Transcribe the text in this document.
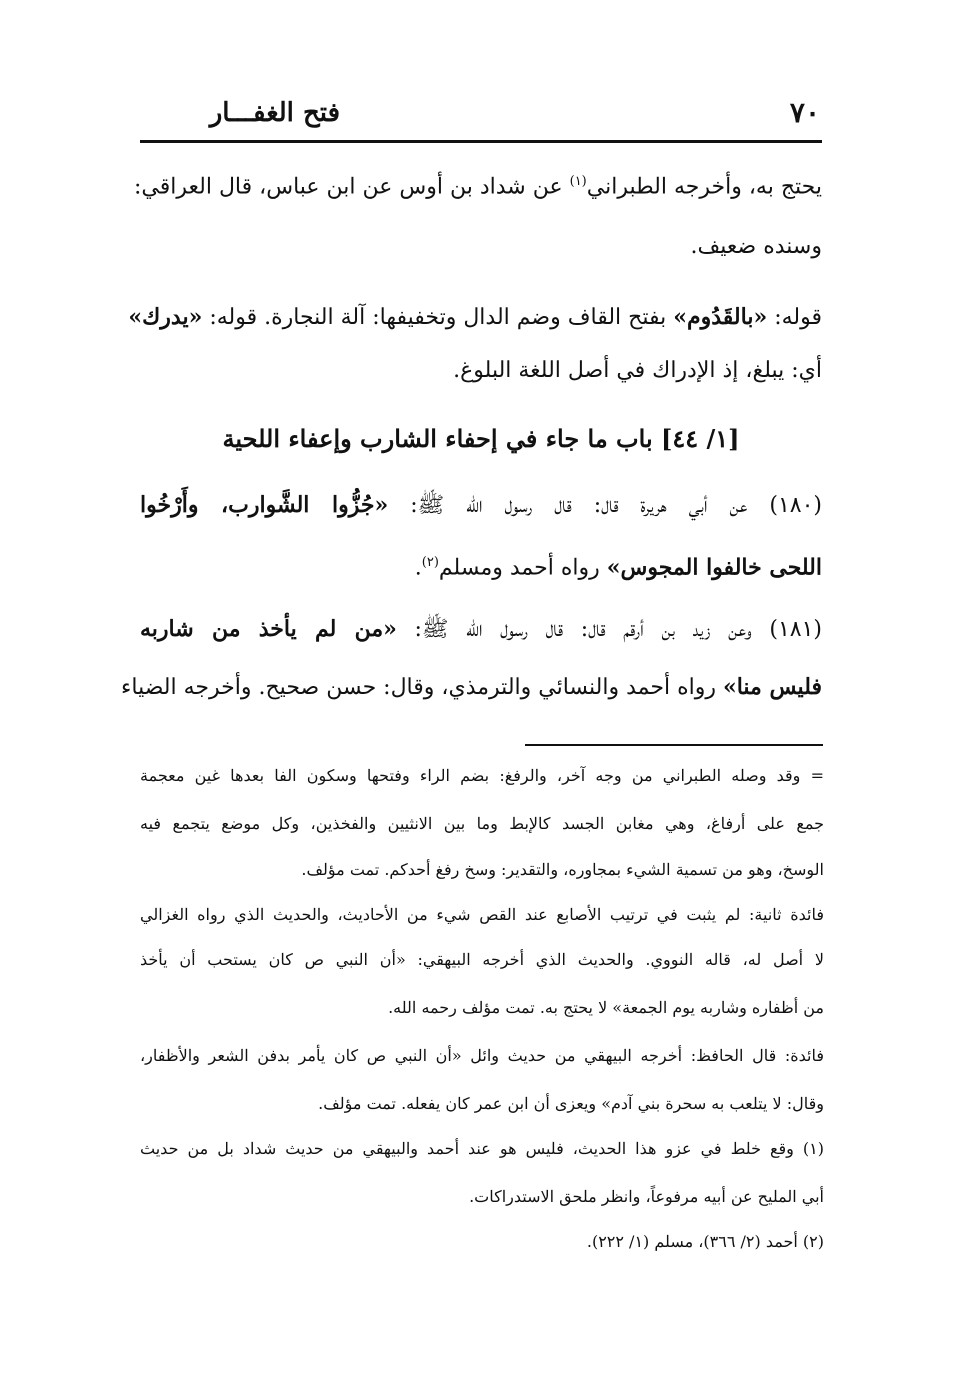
فتح الغفـــار	٧٠
يحتج به، وأخرجه الطبراني$^{(١)}$ عن شداد بن أوس عن ابن عباس، قال العراقي:
وسنده ضعيف.
قوله: «بالقَدُوم» بفتح القاف وضم الدال وتخفيفها: آلة النجارة. قوله: «يدرك»
أي: يبلغ، إذ الإدراك في أصل اللغة البلوغ.
[١/ ٤٤] باب ما جاء في إحفاء الشارب وإعفاء اللحية
(١٨٠) عن أبي هريرة قال: قال رسول الله ﷺ: «جُزُّوا الشَّوارب، وأَرْخُوا
اللحى خالفوا المجوس» رواه أحمد ومسلم$^{(٢)}$.
(١٨١) وعن زيد بن أرقم قال: قال رسول الله ﷺ: «من لم يأخذ من شاربه
فليس منا» رواه أحمد والنسائي والترمذي، وقال: حسن صحيح. وأخرجه الضياء
= وقد وصله الطبراني من وجه آخر، والرفغ: بضم الراء وفتحها وسكون الفا بعدها غين معجمة
جمع على أرفاغ، وهي مغابن الجسد كالإبط وما بين الانثيين والفخذين، وكل موضع يتجمع فيه
الوسخ، وهو من تسمية الشيء بمجاوره، والتقدير: وسخ رفغ أحدكم. تمت مؤلف.
فائدة ثانية: لم يثبت في ترتيب الأصابع عند القص شيء من الأحاديث، والحديث الذي رواه الغزالي
لا أصل له، قاله النووي. والحديث الذي أخرجه البيهقي: «أن النبي ص كان يستحب أن يأخذ
من أظفاره وشاربه يوم الجمعة» لا يحتج به. تمت مؤلف رحمه الله.
فائدة: قال الحافظ: أخرجه البيهقي من حديث وائل «أن النبي ص كان يأمر بدفن الشعر والأظفار،
وقال: لا يتلعب به سحرة بني آدم» ويعزى أن ابن عمر كان يفعله. تمت مؤلف.
(١) وقع خلط في عزو هذا الحديث، فليس هو عند أحمد والبيهقي من حديث شداد بل من حديث
أبي المليح عن أبيه مرفوعاً، وانظر ملحق الاستدراكات.
(٢) أحمد (٢/ ٣٦٦)، مسلم (١/ ٢٢٢).
